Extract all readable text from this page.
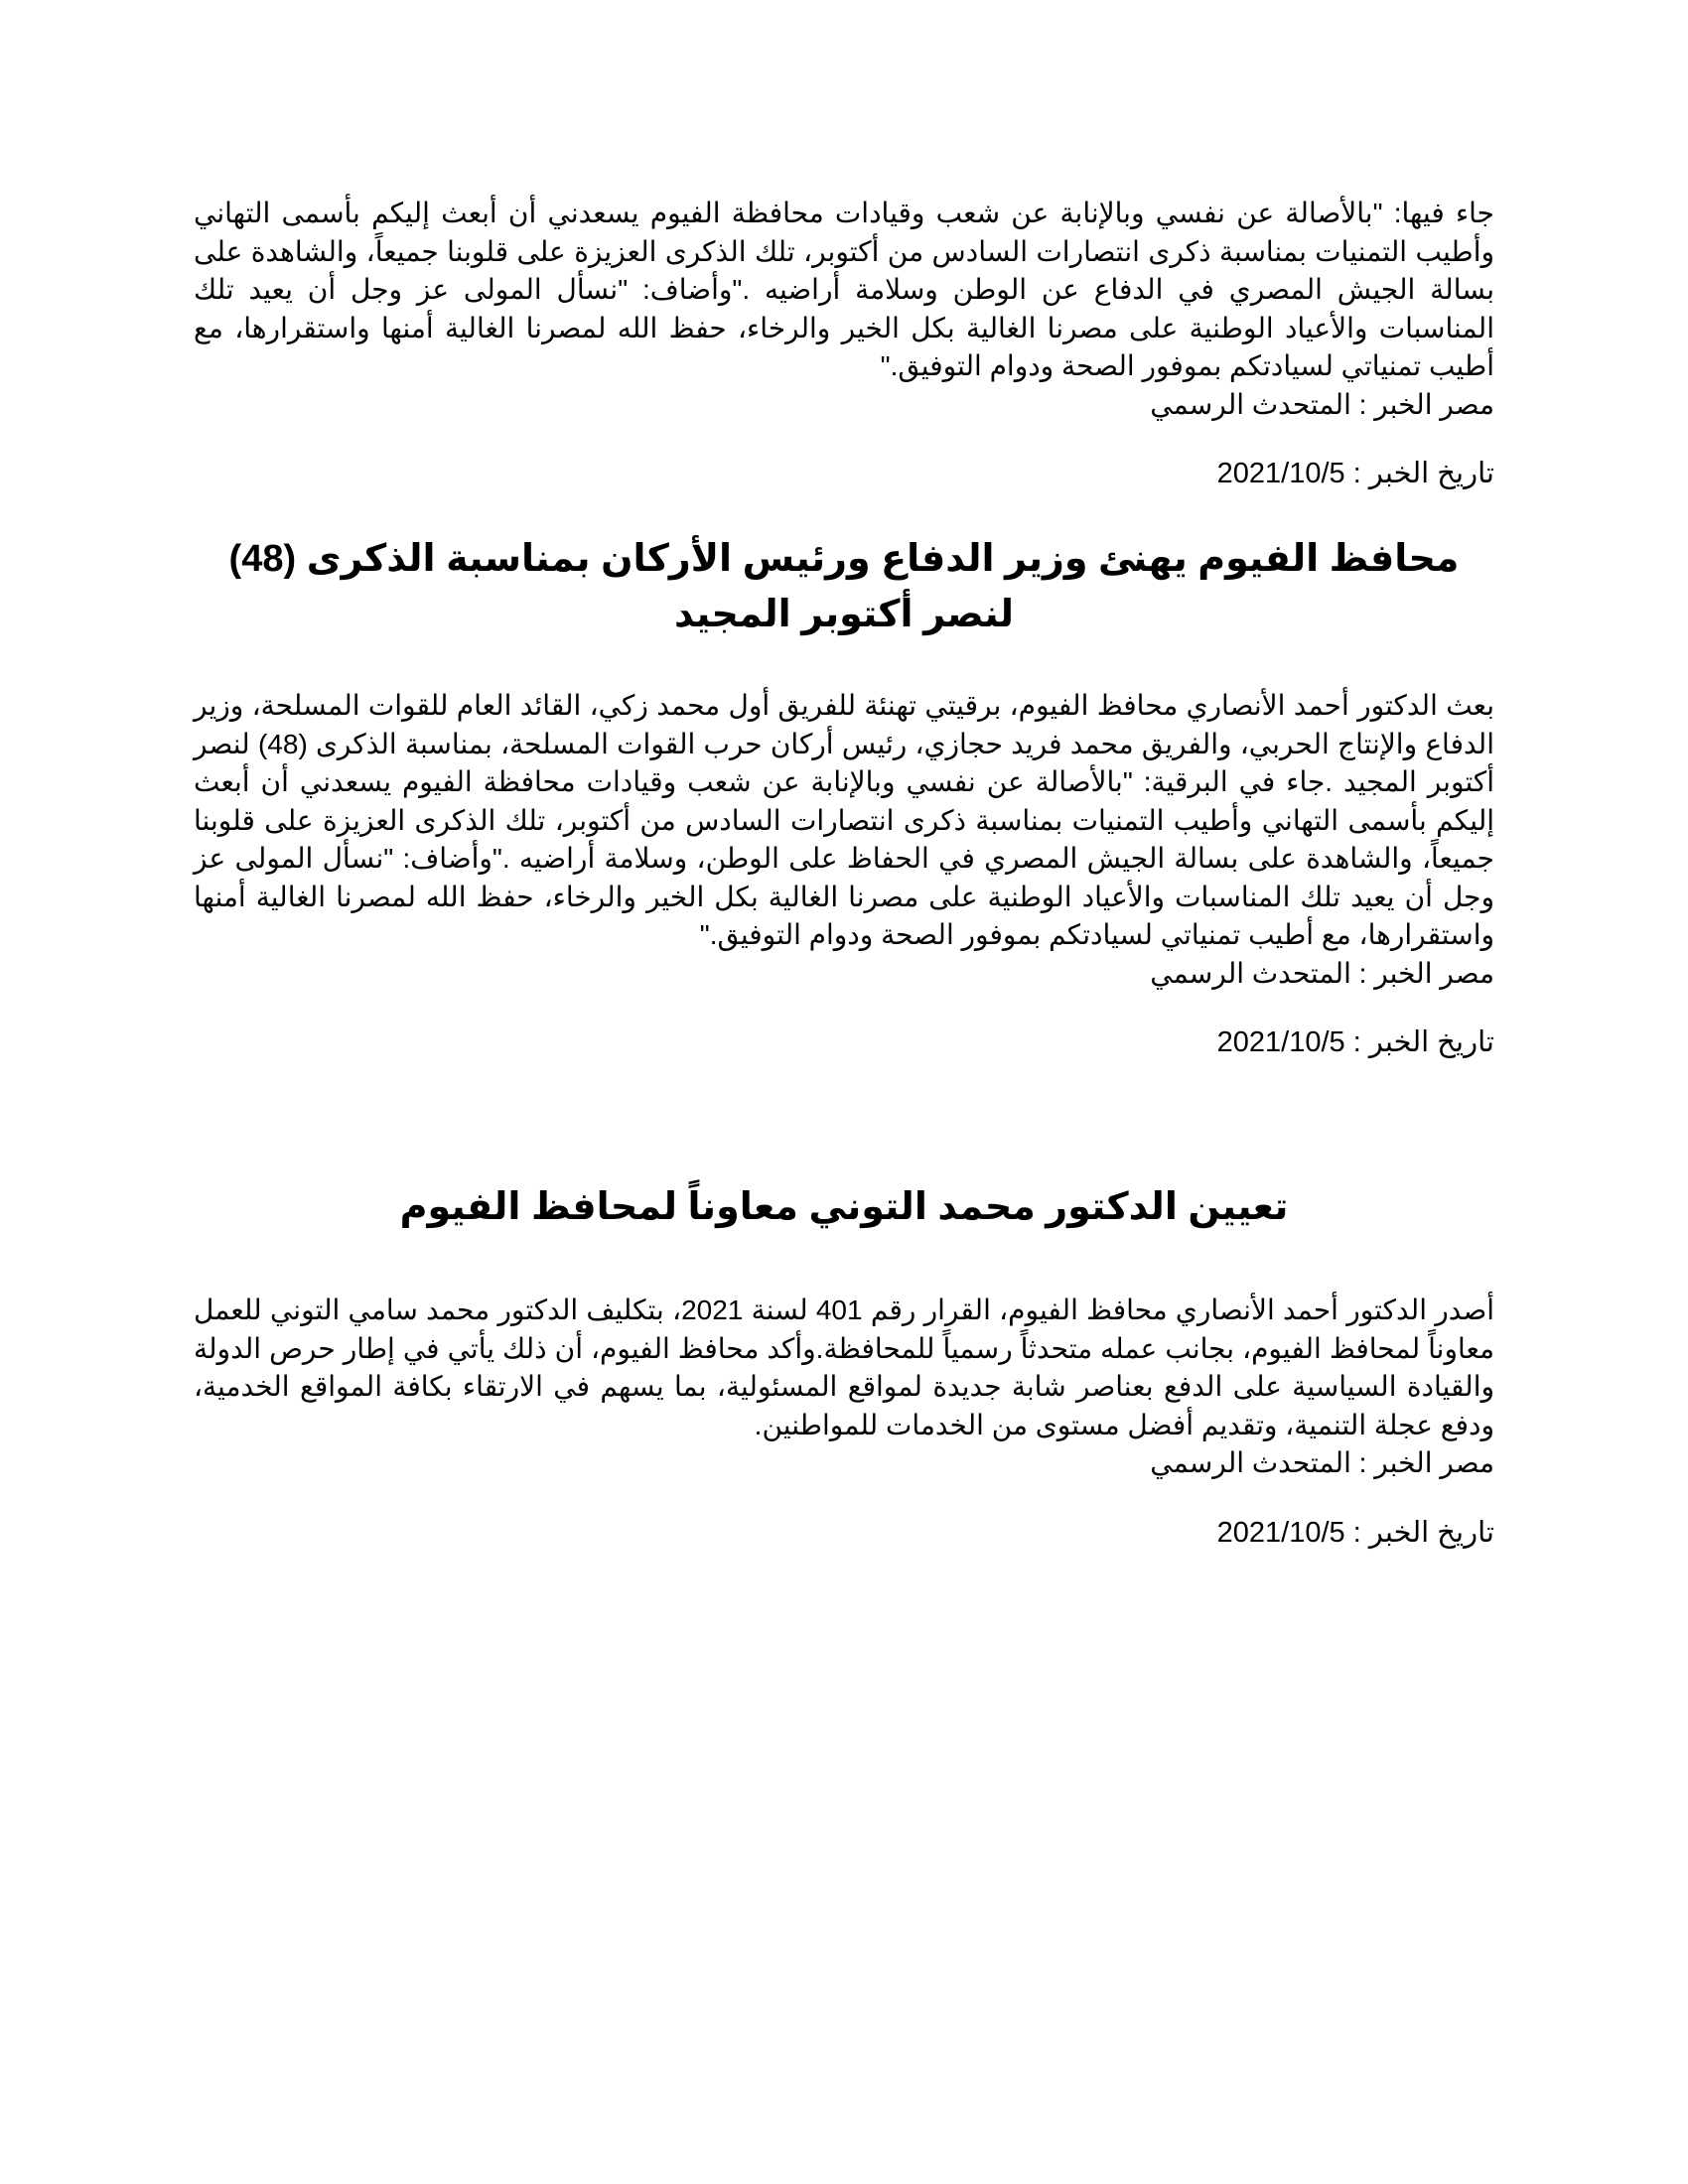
جاء فيها: "بالأصالة عن نفسي وبالإنابة عن شعب وقيادات محافظة الفيوم يسعدني أن أبعث إليكم بأسمى التهاني وأطيب التمنيات بمناسبة ذكرى انتصارات السادس من أكتوبر، تلك الذكرى العزيزة على قلوبنا جميعاً، والشاهدة على بسالة الجيش المصري في الدفاع عن الوطن وسلامة أراضيه ."وأضاف: "نسأل المولى عز وجل أن يعيد تلك المناسبات والأعياد الوطنية على مصرنا الغالية بكل الخير والرخاء، حفظ الله لمصرنا الغالية أمنها واستقرارها، مع أطيب تمنياتي لسيادتكم بموفور الصحة ودوام التوفيق."

مصر الخبر : المتحدث الرسمي

تاريخ الخبر : 2021/10/5

محافظ الفيوم يهنئ وزير الدفاع ورئيس الأركان بمناسبة الذكرى (48) لنصر أكتوبر المجيد

بعث الدكتور أحمد الأنصاري محافظ الفيوم، برقيتي تهنئة للفريق أول محمد زكي، القائد العام للقوات المسلحة، وزير الدفاع والإنتاج الحربي، والفريق محمد فريد حجازي، رئيس أركان حرب القوات المسلحة، بمناسبة الذكرى (48) لنصر أكتوبر المجيد .جاء في البرقية: "بالأصالة عن نفسي وبالإنابة عن شعب وقيادات محافظة الفيوم يسعدني أن أبعث إليكم بأسمى التهاني وأطيب التمنيات بمناسبة ذكرى انتصارات السادس من أكتوبر، تلك الذكرى العزيزة على قلوبنا جميعاً، والشاهدة على بسالة الجيش المصري في الحفاظ على الوطن، وسلامة أراضيه ."وأضاف: "نسأل المولى عز وجل أن يعيد تلك المناسبات والأعياد الوطنية على مصرنا الغالية بكل الخير والرخاء، حفظ الله لمصرنا الغالية أمنها واستقرارها، مع أطيب تمنياتي لسيادتكم بموفور الصحة ودوام التوفيق."

مصر الخبر : المتحدث الرسمي

تاريخ الخبر : 2021/10/5

تعيين الدكتور محمد التوني معاوناً لمحافظ الفيوم

أصدر الدكتور أحمد الأنصاري محافظ الفيوم، القرار رقم 401 لسنة 2021، بتكليف الدكتور محمد سامي التوني للعمل معاوناً لمحافظ الفيوم، بجانب عمله متحدثاً رسمياً للمحافظة.وأكد محافظ الفيوم، أن ذلك يأتي في إطار حرص الدولة والقيادة السياسية على الدفع بعناصر شابة جديدة لمواقع المسئولية، بما يسهم في الارتقاء بكافة المواقع الخدمية، ودفع عجلة التنمية، وتقديم أفضل مستوى من الخدمات للمواطنين.

مصر الخبر : المتحدث الرسمي

تاريخ الخبر : 2021/10/5
